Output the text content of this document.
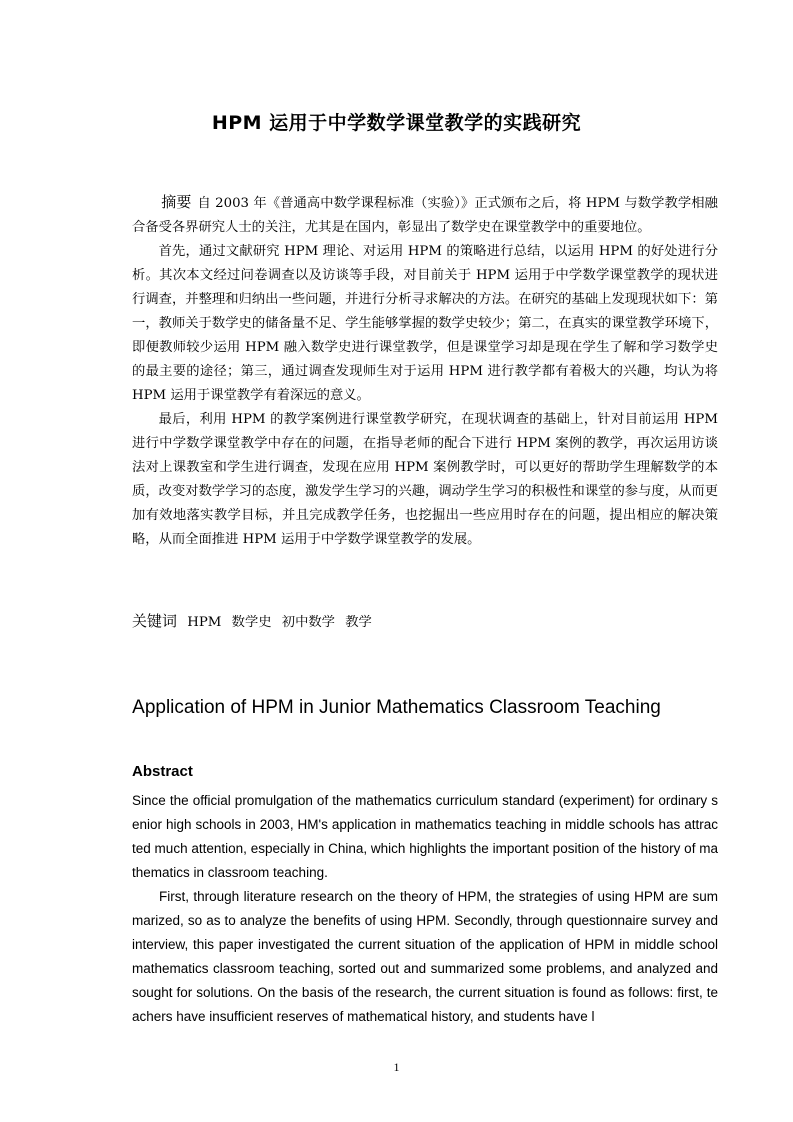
HPM 运用于中学数学课堂教学的实践研究

摘要 自 2003 年《普通高中数学课程标准（实验）》正式颁布之后，将 HPM 与数学教学相融合备受各界研究人士的关注，尤其是在国内，彰显出了数学史在课堂教学中的重要地位。

首先，通过文献研究 HPM 理论、对运用 HPM 的策略进行总结，以运用 HPM 的好处进行分析。其次本文经过问卷调查以及访谈等手段，对目前关于 HPM 运用于中学数学课堂教学的现状进行调查，并整理和归纳出一些问题，并进行分析寻求解决的方法。在研究的基础上发现现状如下：第一，教师关于数学史的储备量不足、学生能够掌握的数学史较少；第二，在真实的课堂教学环境下，即便教师较少运用 HPM 融入数学史进行课堂教学，但是课堂学习却是现在学生了解和学习数学史的最主要的途径；第三，通过调查发现师生对于运用 HPM 进行教学都有着极大的兴趣，均认为将 HPM 运用于课堂教学有着深远的意义。

最后，利用 HPM 的教学案例进行课堂教学研究，在现状调查的基础上，针对目前运用 HPM 进行中学数学课堂教学中存在的问题，在指导老师的配合下进行 HPM 案例的教学，再次运用访谈法对上课教室和学生进行调查，发现在应用 HPM 案例教学时，可以更好的帮助学生理解数学的本质，改变对数学学习的态度，激发学生学习的兴趣，调动学生学习的积极性和课堂的参与度，从而更加有效地落实教学目标，并且完成教学任务，也挖掘出一些应用时存在的问题，提出相应的解决策略，从而全面推进 HPM 运用于中学数学课堂教学的发展。

关键词 HPM 数学史 初中数学 教学
Application of HPM in Junior Mathematics Classroom Teaching
Abstract

Since the official promulgation of the mathematics curriculum standard (experiment) for ordinary senior high schools in 2003, HM's application in mathematics teaching in middle schools has attracted much attention, especially in China, which highlights the important position of the history of mathematics in classroom teaching.

First, through literature research on the theory of HPM, the strategies of using HPM are summarized, so as to analyze the benefits of using HPM. Secondly, through questionnaire survey and interview, this paper investigated the current situation of the application of HPM in middle school mathematics classroom teaching, sorted out and summarized some problems, and analyzed and sought for solutions. On the basis of the research, the current situation is found as follows: first, teachers have insufficient reserves of mathematical history, and students have l

1
